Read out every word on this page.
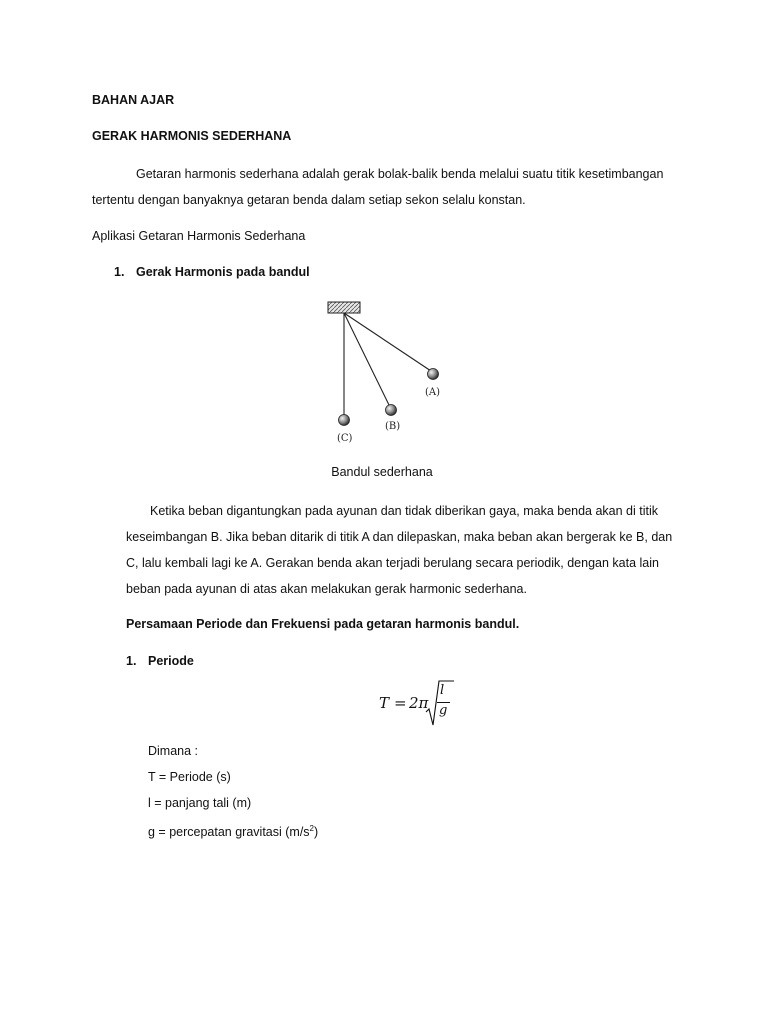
BAHAN AJAR

GERAK HARMONIS SEDERHANA

Getaran harmonis sederhana adalah gerak bolak-balik benda melalui suatu titik kesetimbangan
tertentu dengan banyaknya getaran benda dalam setiap sekon selalu konstan.

Aplikasi Getaran Harmonis Sederhana

1. Gerak Harmonis pada bandul

(A)
(B)
(C)

Bandul sederhana

Ketika beban digantungkan pada ayunan dan tidak diberikan gaya, maka benda akan di titik
keseimbangan B. Jika beban ditarik di titik A dan dilepaskan, maka beban akan bergerak ke B, dan
C, lalu kembali lagi ke A. Gerakan benda akan terjadi berulang secara periodik, dengan kata lain
beban pada ayunan di atas akan melakukan gerak harmonic sederhana.

Persamaan Periode dan Frekuensi pada getaran harmonis bandul.

1. Periode

T = 2π
l
g
Dimana :
T = Periode (s)
l = panjang tali (m)
g = percepatan gravitasi $(m/s^2)$
